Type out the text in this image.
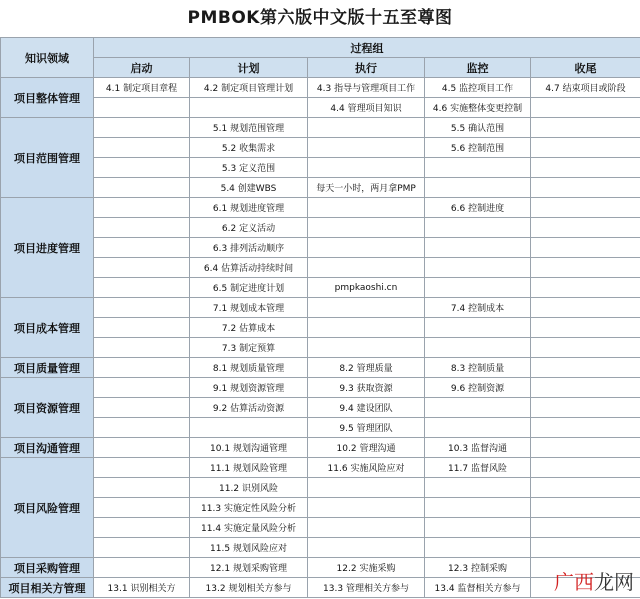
PMBOK第六版中文版十五至尊图
知识领域	过程组				
	启动	计划	执行	监控	收尾
项目整体管理	4.1 制定项目章程	4.2 制定项目管理计划	4.3 指导与管理项目工作	4.5 监控项目工作	4.7 结束项目或阶段
			4.4 管理项目知识	4.6 实施整体变更控制	
项目范围管理		5.1 规划范围管理		5.5 确认范围	
		5.2 收集需求		5.6 控制范围	
		5.3 定义范围			
		5.4 创建WBS	每天一小时，两月拿PMP		
项目进度管理		6.1 规划进度管理		6.6 控制进度	
		6.2 定义活动			
		6.3 排列活动顺序			
		6.4 估算活动持续时间			
		6.5 制定进度计划	pmpkaoshi.cn		
项目成本管理		7.1 规划成本管理		7.4 控制成本	
		7.2 估算成本			
		7.3 制定预算			
项目质量管理		8.1 规划质量管理	8.2 管理质量	8.3 控制质量	
项目资源管理		9.1 规划资源管理	9.3 获取资源	9.6 控制资源	
		9.2 估算活动资源	9.4 建设团队		
			9.5 管理团队		
项目沟通管理		10.1 规划沟通管理	10.2 管理沟通	10.3 监督沟通	
项目风险管理		11.1 规划风险管理	11.6 实施风险应对	11.7 监督风险	
		11.2 识别风险			
		11.3 实施定性风险分析			
		11.4 实施定量风险分析			
		11.5 规划风险应对			
项目采购管理		12.1 规划采购管理	12.2 实施采购	12.3 控制采购	
项目相关方管理	13.1 识别相关方	13.2 规划相关方参与	13.3 管理相关方参与	13.4 监督相关方参与	广西龙网
